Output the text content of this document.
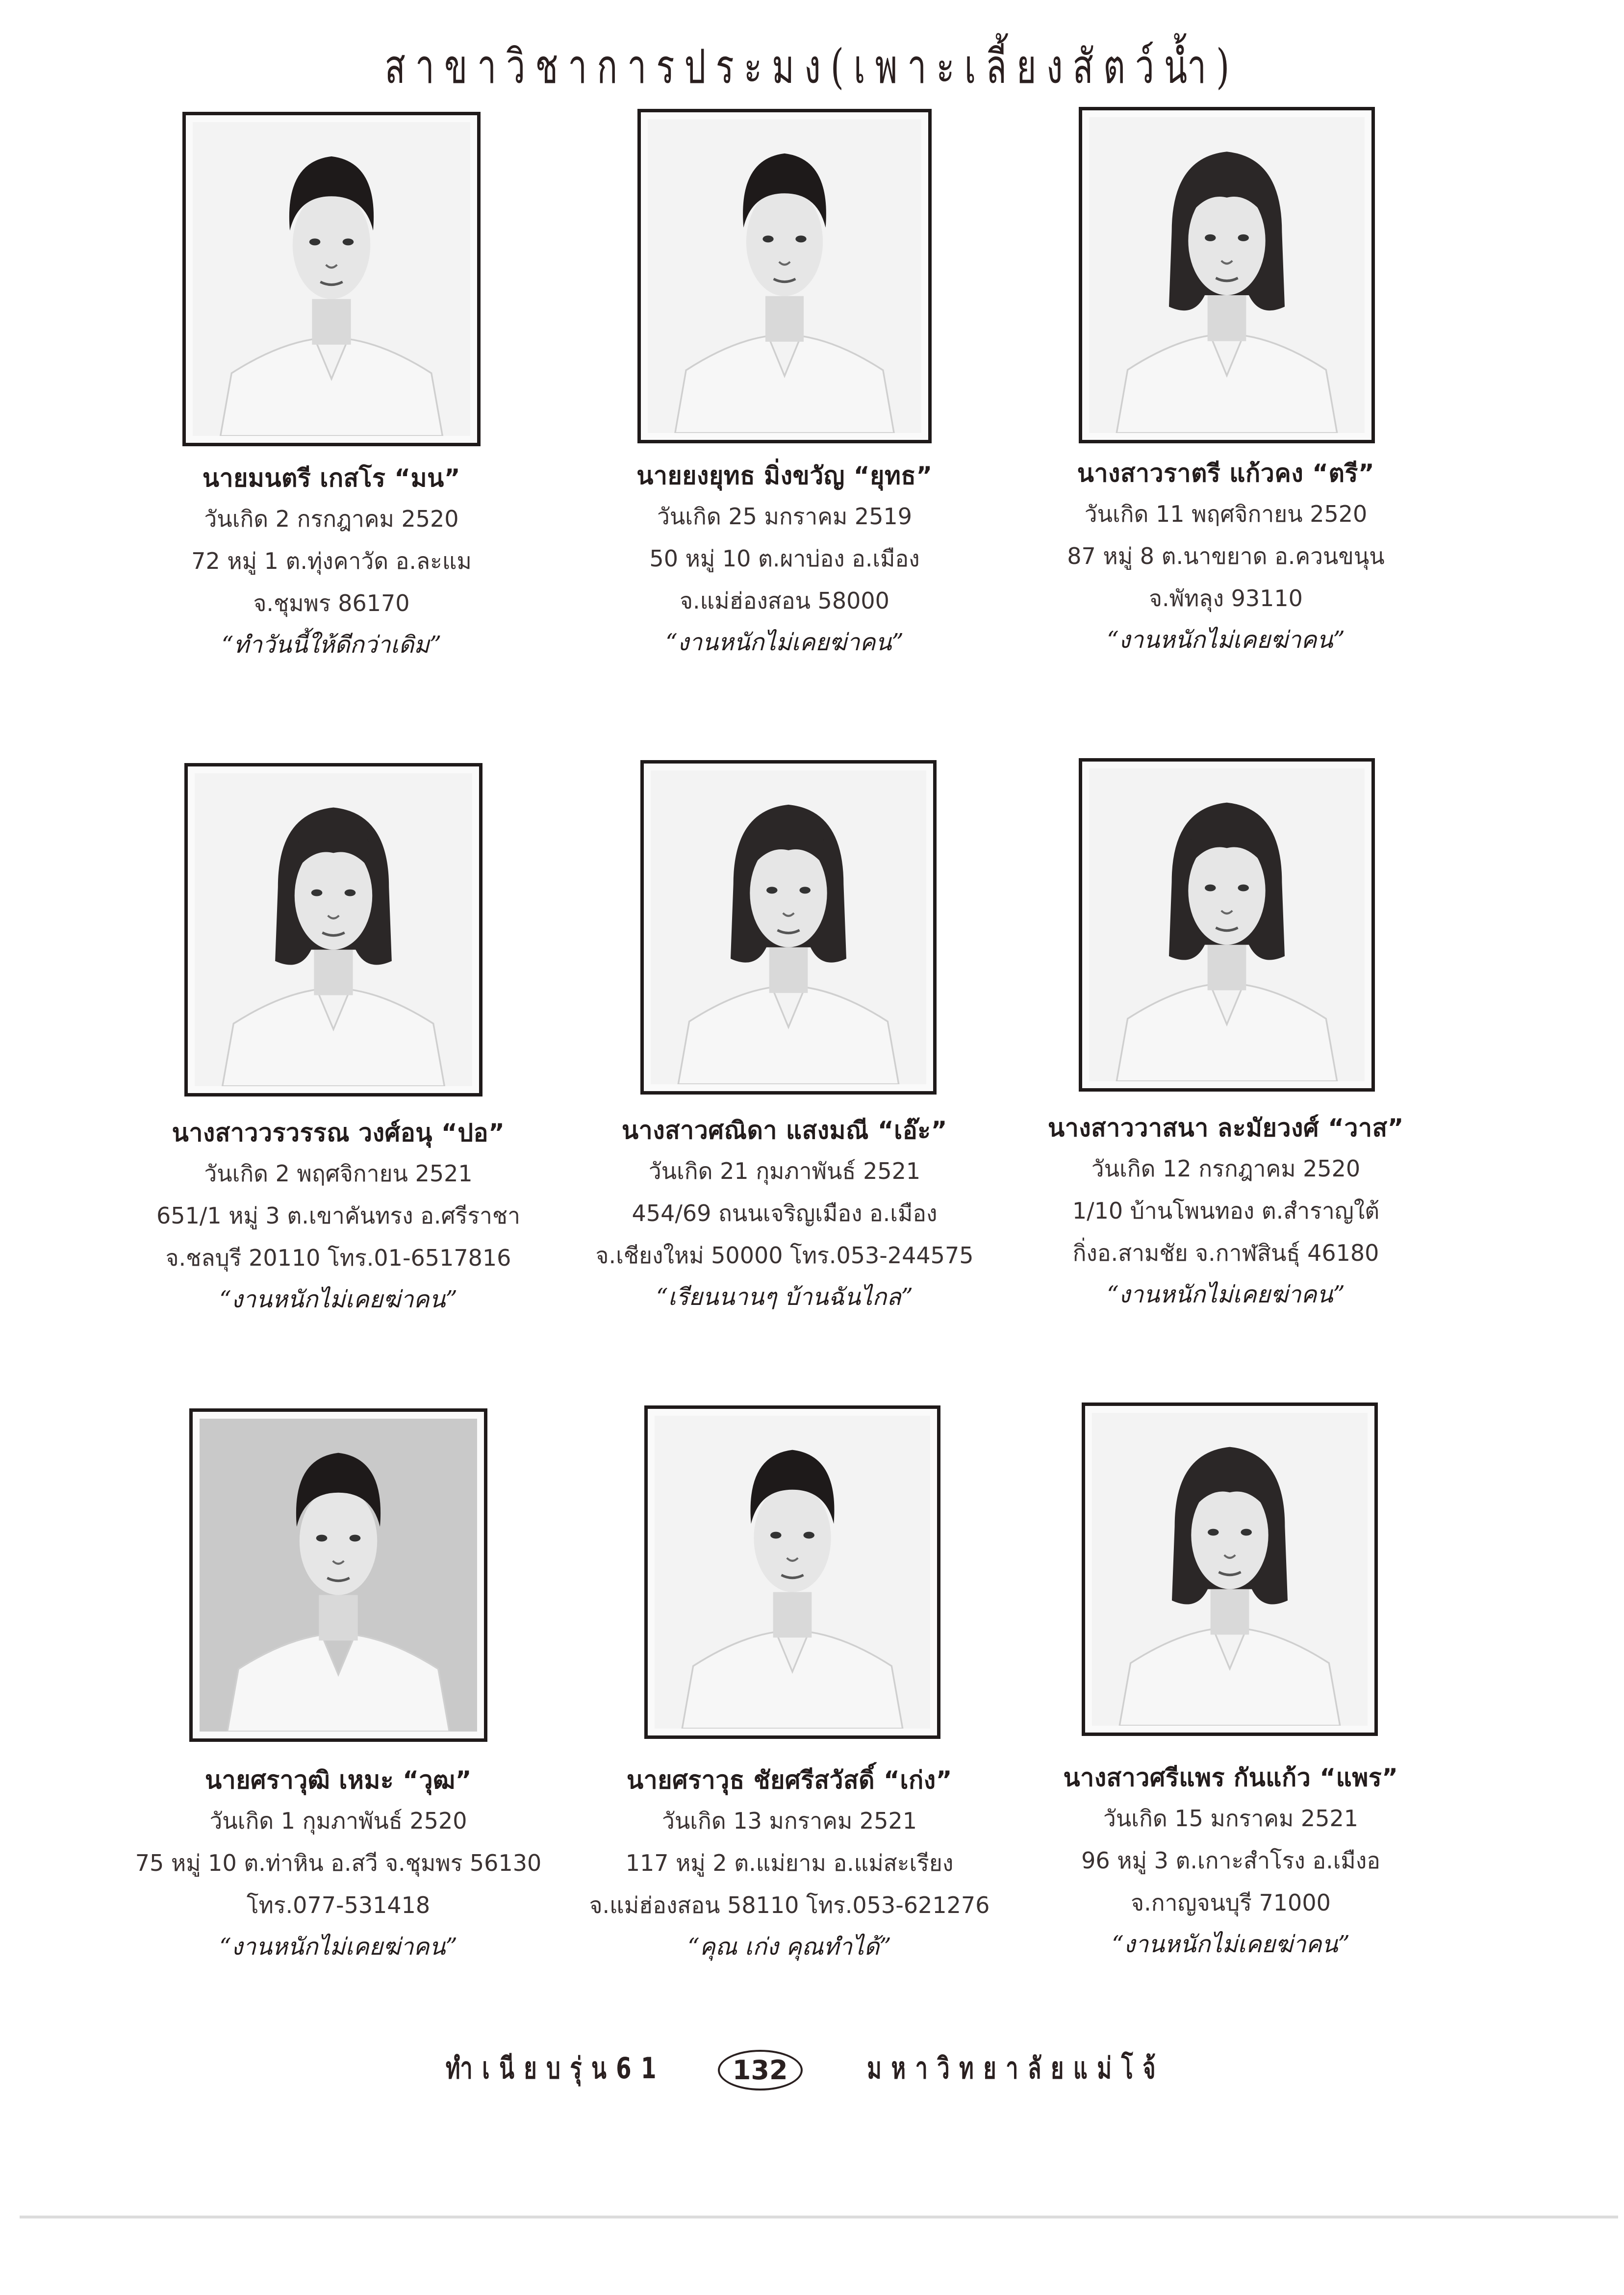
สาขาวิชาการประมง(เพาะเลี้ยงสัตว์น้ำ)
นายมนตรี เกสโร “มน”
วันเกิด 2 กรกฎาคม 2520
72 หมู่ 1 ต.ทุ่งคาวัด อ.ละแม
จ.ชุมพร 86170
“ทำวันนี้ให้ดีกว่าเดิม”
นายยงยุทธ มิ่งขวัญ “ยุทธ”
วันเกิด 25 มกราคม 2519
50 หมู่ 10 ต.ผาบ่อง อ.เมือง
จ.แม่ฮ่องสอน 58000
“งานหนักไม่เคยฆ่าคน”
นางสาวราตรี แก้วคง “ตรี”
วันเกิด 11 พฤศจิกายน 2520
87 หมู่ 8 ต.นาขยาด อ.ควนขนุน
จ.พัทลุง 93110
“งานหนักไม่เคยฆ่าคน”
นางสาววรวรรณ วงศ์อนุ “ปอ”
วันเกิด 2 พฤศจิกายน 2521
651/1 หมู่ 3 ต.เขาคันทรง อ.ศรีราชา
จ.ชลบุรี 20110 โทร.01-6517816
“งานหนักไม่เคยฆ่าคน”
นางสาวศณิดา แสงมณี “เอ๊ะ”
วันเกิด 21 กุมภาพันธ์ 2521
454/69 ถนนเจริญเมือง อ.เมือง
จ.เชียงใหม่ 50000 โทร.053-244575
“เรียนนานๆ บ้านฉันไกล”
นางสาววาสนา ละมัยวงศ์ “วาส”
วันเกิด 12 กรกฎาคม 2520
1/10 บ้านโพนทอง ต.สำราญใต้
กิ่งอ.สามชัย จ.กาฬสินธุ์ 46180
“งานหนักไม่เคยฆ่าคน”
นายศราวุฒิ เหมะ “วุฒ”
วันเกิด 1 กุมภาพันธ์ 2520
75 หมู่ 10 ต.ท่าหิน อ.สวี จ.ชุมพร 56130
โทร.077-531418
“งานหนักไม่เคยฆ่าคน”
นายศราวุธ ชัยศรีสวัสดิ์ “เก่ง”
วันเกิด 13 มกราคม 2521
117 หมู่ 2 ต.แม่ยาม อ.แม่สะเรียง
จ.แม่ฮ่องสอน 58110 โทร.053-621276
“คุณ เก่ง คุณทำได้”
นางสาวศรีแพร กันแก้ว “แพร”
วันเกิด 15 มกราคม 2521
96 หมู่ 3 ต.เกาะสำโรง อ.เมืงอ
จ.กาญจนบุรี 71000
“งานหนักไม่เคยฆ่าคน”
ทำเนียบรุ่น61	132	มหาวิทยาลัยแม่โจ้
